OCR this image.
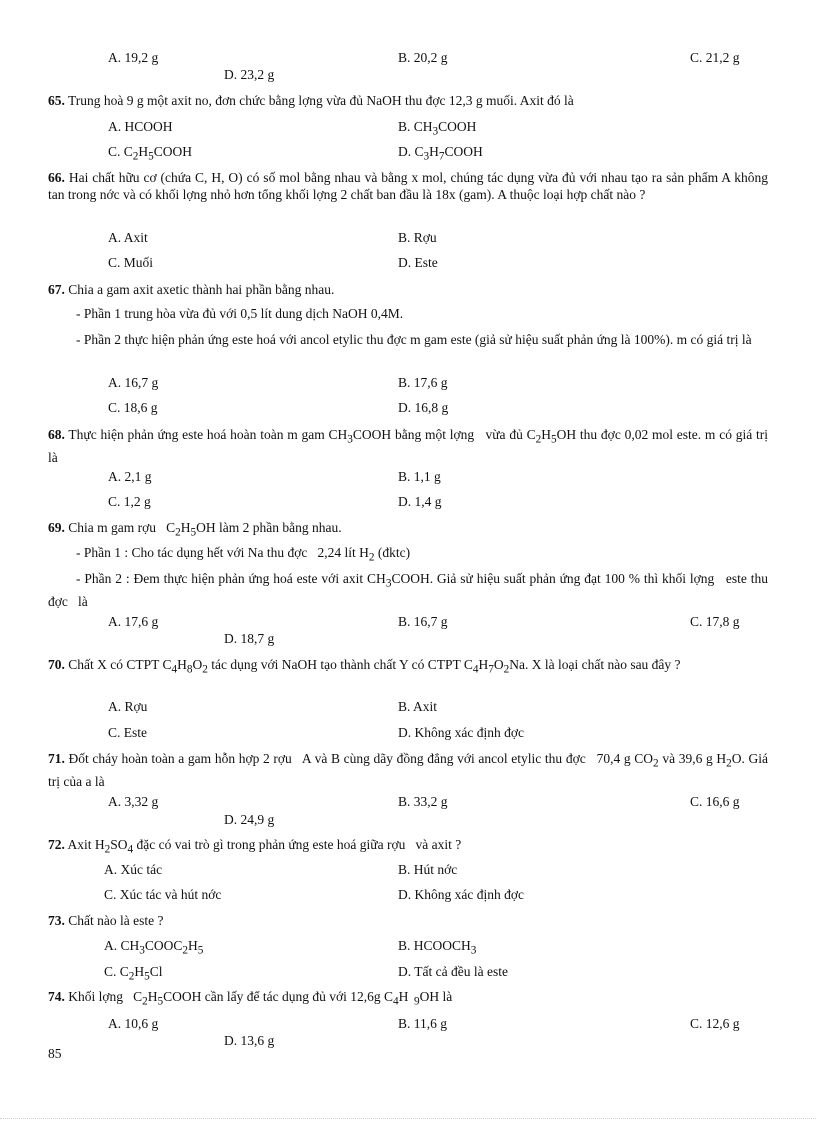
A. 19,2 g	B. 20,2 g	C. 21,2 g
D. 23,2 g
65. Trung hoà 9 g một axit no, đơn chức bằng lợng vừa đủ NaOH thu đợc 12,3 g muối. Axit đó là
A. HCOOH	B. $CH_3COOH$
C. $C_2H_5COOH$	D. $C_3H_7COOH$
66. Hai chất hữu cơ (chứa C, H, O) có số mol bằng nhau và bằng x mol, chúng tác dụng vừa đủ với nhau tạo ra sản phẩm A không tan trong nớc và có khối lợng nhỏ hơn tổng khối lợng 2 chất ban đầu là 18x (gam). A thuộc loại hợp chất nào ?
A. Axit	B. Rợu
C. Muối	D. Este
67. Chia a gam axit axetic thành hai phần bằng nhau.
- Phần 1 trung hòa vừa đủ với 0,5 lít dung dịch NaOH 0,4M.
- Phần 2 thực hiện phản ứng este hoá với ancol etylic thu đợc m gam este (giả sử hiệu suất phản ứng là 100%). m có giá trị là
A. 16,7 g	B. 17,6 g
C. 18,6 g	D. 16,8 g
68. Thực hiện phản ứng este hoá hoàn toàn m gam $CH_3COOH$ bằng một lợng   vừa đủ $C_2H_5OH$ thu đợc 0,02 mol este. m có giá trị là
A. 2,1 g	B. 1,1 g
C. 1,2 g	D. 1,4 g
69. Chia m gam rợu   $C_2H_5OH$ làm 2 phần bằng nhau.
- Phần 1 : Cho tác dụng hết với Na thu đợc   2,24 lít $H_2$ (đktc)
- Phần 2 : Đem thực hiện phản ứng hoá este với axit $CH_3COOH$. Giả sử hiệu suất phản ứng đạt 100 % thì khối lợng   este thu đợc   là
A. 17,6 g	B. 16,7 g	C. 17,8 g
D. 18,7 g
70. Chất X có CTPT $C_4H_8O_2$ tác dụng với NaOH tạo thành chất Y có CTPT $C_4H_7O_2Na$. X là loại chất nào sau đây ?
A. Rợu	B. Axit
C. Este	D. Không xác định đợc
71. Đốt cháy hoàn toàn a gam hỗn hợp 2 rợu   A và B cùng dãy đồng đẳng với ancol etylic thu đợc   70,4 g $CO_2$ và 39,6 g $H_2O$. Giá trị của a là
A. 3,32 g	B. 33,2 g	C. 16,6 g
D. 24,9 g
72. Axit $H_2SO_4$ đặc có vai trò gì trong phản ứng este hoá giữa rợu   và axit ?
A. Xúc tác	B. Hút nớc
C. Xúc tác và hút nớc	D. Không xác định đợc
73. Chất nào là este ?
A. $CH_3COOC_2H_5$	B. $HCOOCH_3$
C. $C_2H_5Cl$	D. Tất cả đều là este
74. Khối lợng   $C_2H_5COOH$ cần lấy để tác dụng đủ với 12,6g $C_4H$  $_9$OH là
A. 10,6 g	B. 11,6 g	C. 12,6 g
D. 13,6 g
85
